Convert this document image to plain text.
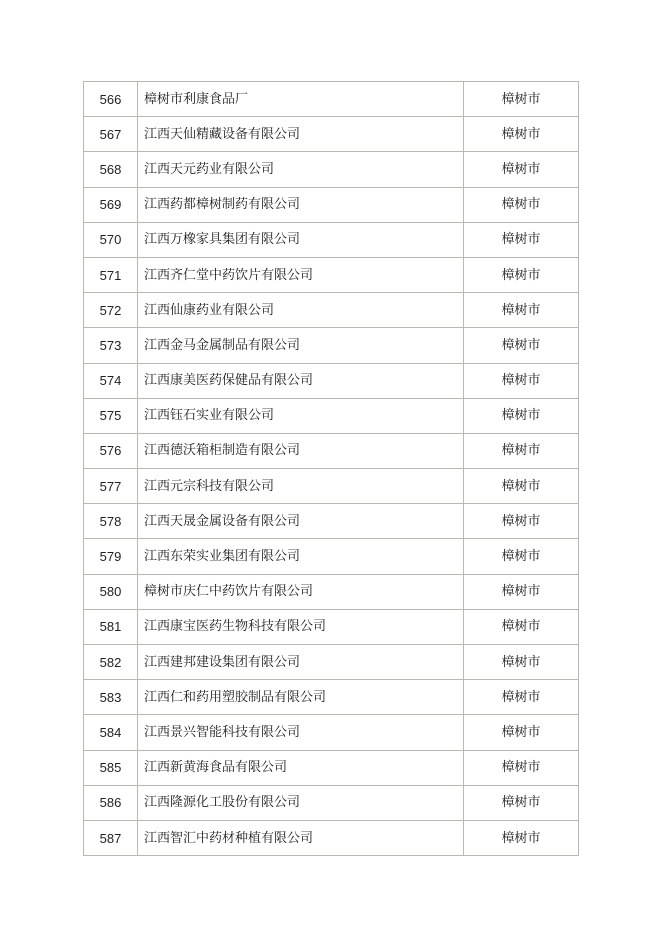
566	樟树市利康食品厂	樟树市
567	江西天仙精藏设备有限公司	樟树市
568	江西天元药业有限公司	樟树市
569	江西药都樟树制药有限公司	樟树市
570	江西万橡家具集团有限公司	樟树市
571	江西齐仁堂中药饮片有限公司	樟树市
572	江西仙康药业有限公司	樟树市
573	江西金马金属制品有限公司	樟树市
574	江西康美医药保健品有限公司	樟树市
575	江西钰石实业有限公司	樟树市
576	江西德沃箱柜制造有限公司	樟树市
577	江西元宗科技有限公司	樟树市
578	江西天晟金属设备有限公司	樟树市
579	江西东荣实业集团有限公司	樟树市
580	樟树市庆仁中药饮片有限公司	樟树市
581	江西康宝医药生物科技有限公司	樟树市
582	江西建邦建设集团有限公司	樟树市
583	江西仁和药用塑胶制品有限公司	樟树市
584	江西景兴智能科技有限公司	樟树市
585	江西新黄海食品有限公司	樟树市
586	江西隆源化工股份有限公司	樟树市
587	江西智汇中药材种植有限公司	樟树市
